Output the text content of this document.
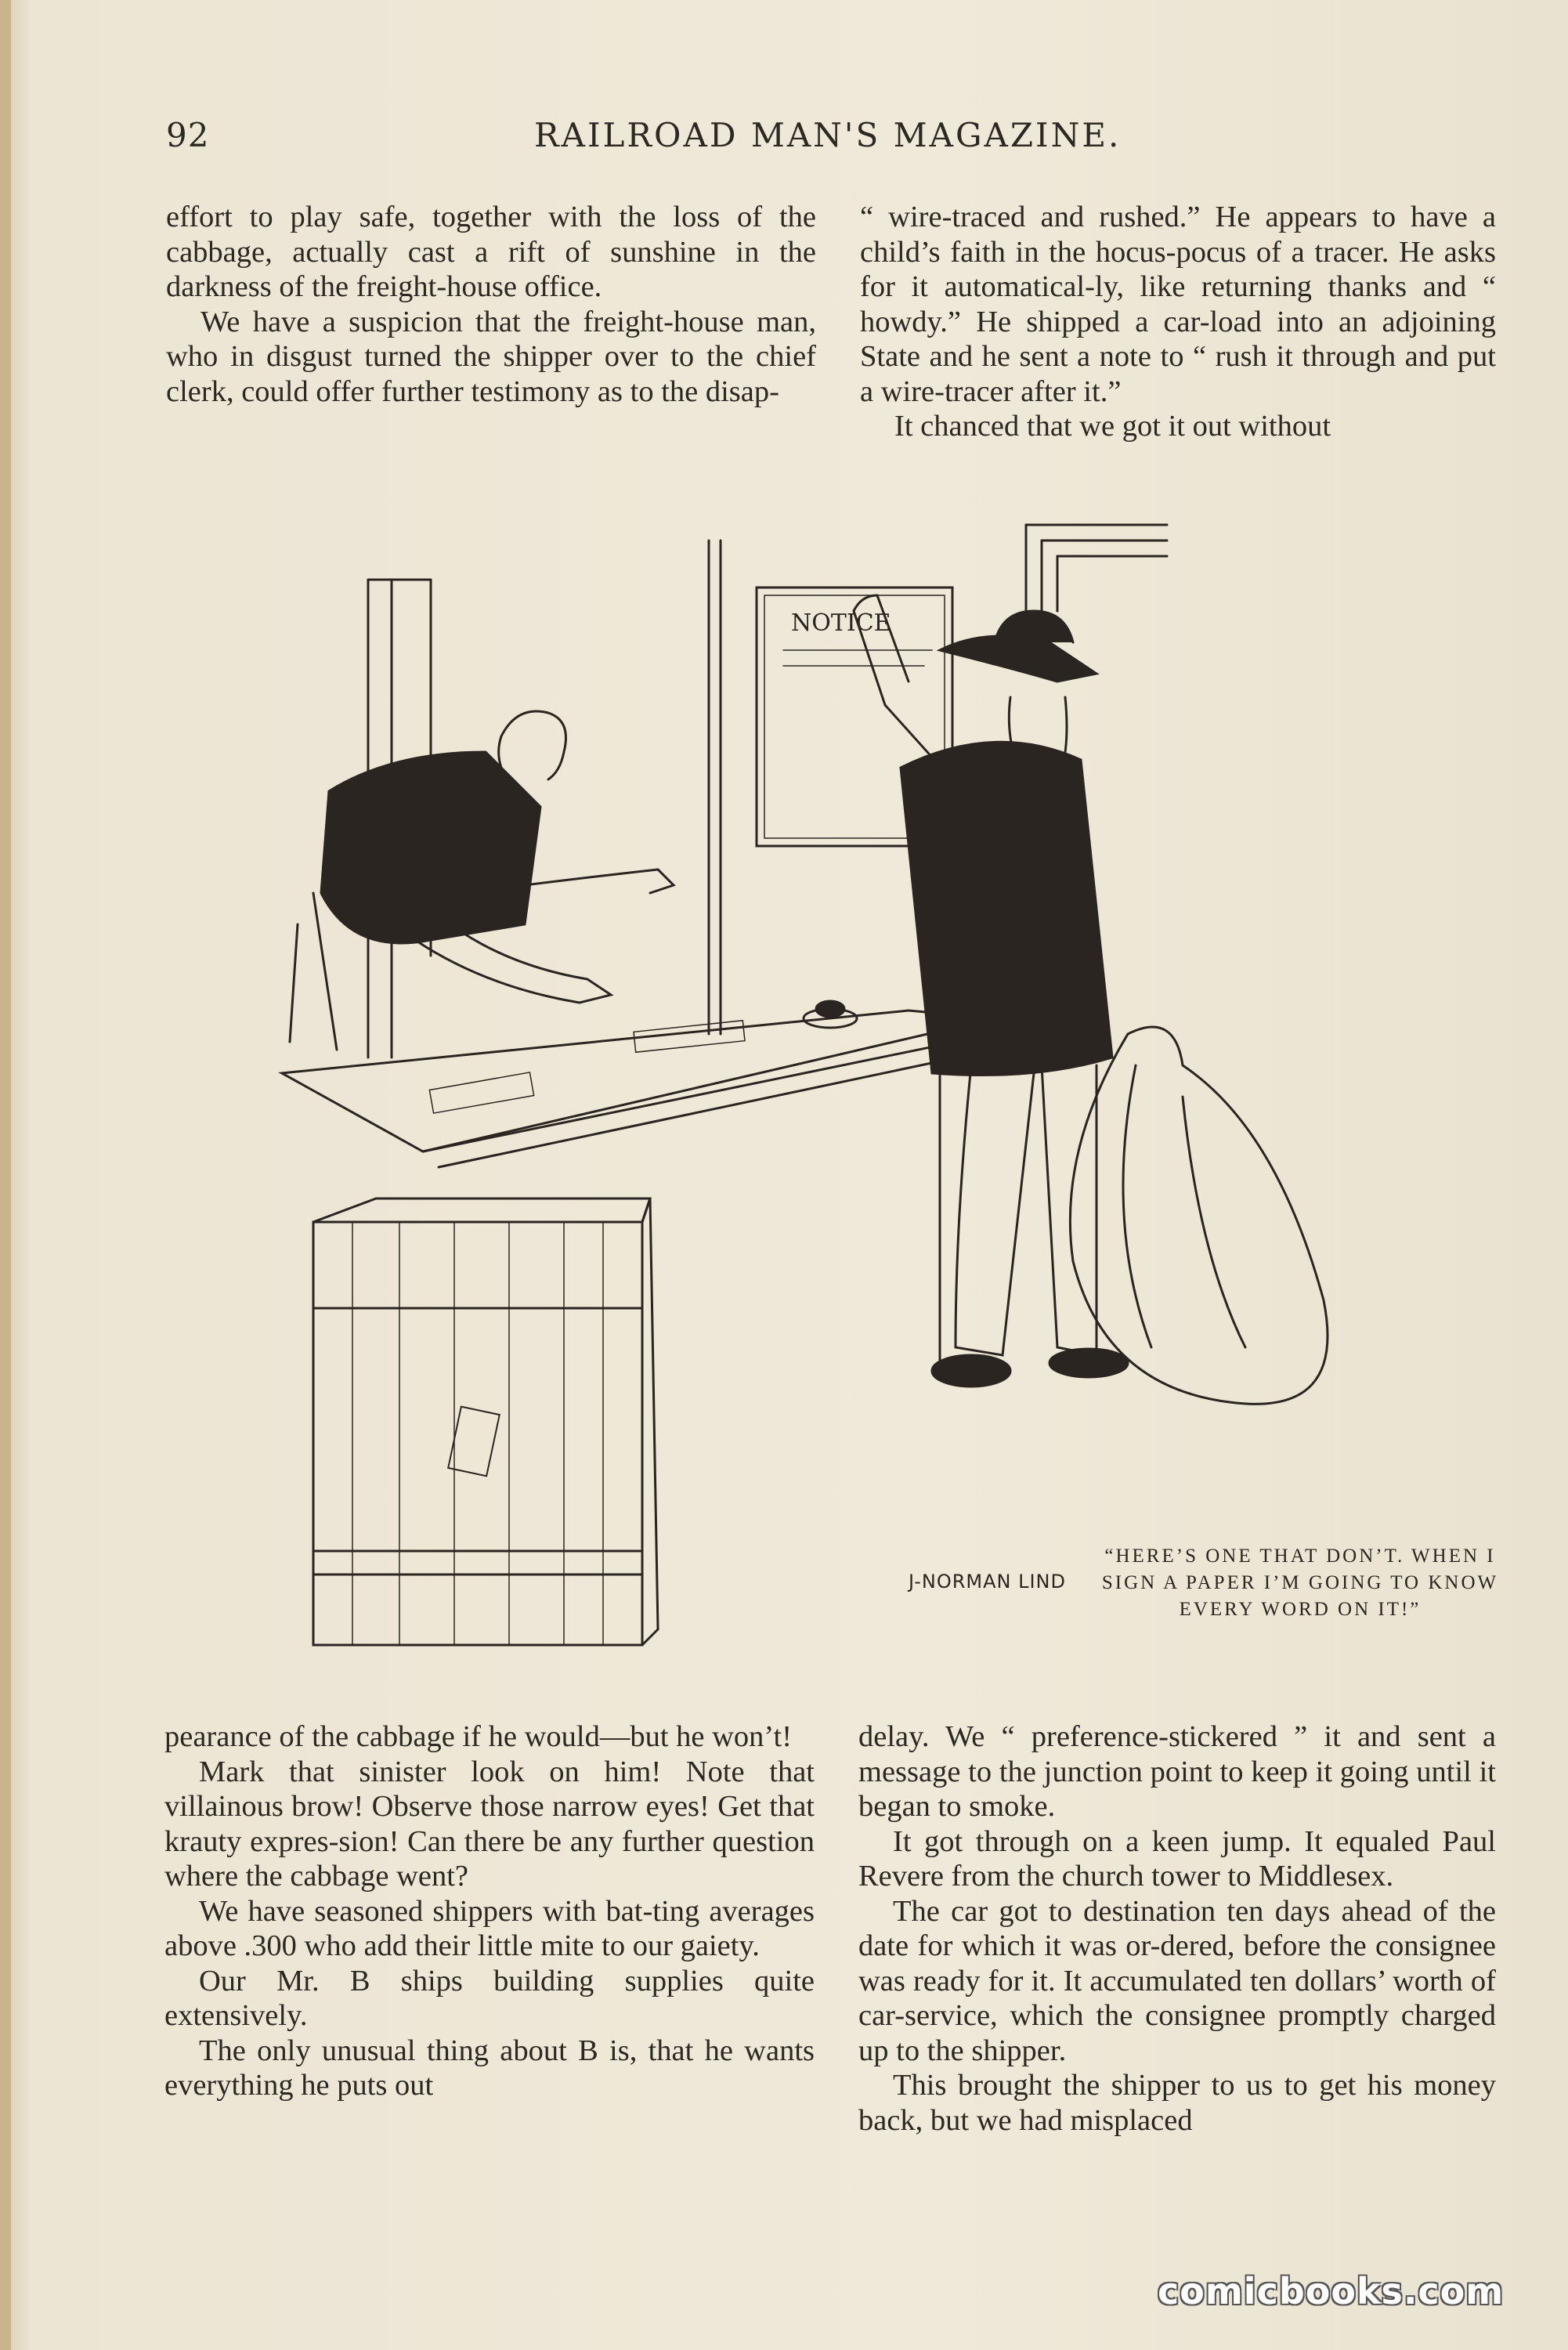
92	RAILROAD MAN'S MAGAZINE.

effort to play safe, together with the loss of the cabbage, actually cast a rift of sunshine in the darkness of the freight-house office.

We have a suspicion that the freight-house man, who in disgust turned the shipper over to the chief clerk, could offer further testimony as to the disap-

“ wire-traced and rushed.” He appears to have a child’s faith in the hocus-pocus of a tracer. He asks for it automatical-ly, like returning thanks and “ howdy.” He shipped a car-load into an adjoining State and he sent a note to “ rush it through and put a wire-tracer after it.”

It chanced that we got it out without

NOTICE
J-NORMAN LIND
“HERE’S ONE THAT DON’T. WHEN I SIGN A PAPER I’M GOING TO KNOW EVERY WORD ON IT!”

pearance of the cabbage if he would—but he won’t!

Mark that sinister look on him! Note that villainous brow! Observe those narrow eyes! Get that krauty expres-sion! Can there be any further question where the cabbage went?

We have seasoned shippers with bat-ting averages above .300 who add their little mite to our gaiety.

Our Mr. B ships building supplies quite extensively.

The only unusual thing about B is, that he wants everything he puts out

delay. We “ preference-stickered ” it and sent a message to the junction point to keep it going until it began to smoke.

It got through on a keen jump. It equaled Paul Revere from the church tower to Middlesex.

The car got to destination ten days ahead of the date for which it was or-dered, before the consignee was ready for it. It accumulated ten dollars’ worth of car-service, which the consignee promptly charged up to the shipper.

This brought the shipper to us to get his money back, but we had misplaced

comicbooks.com
